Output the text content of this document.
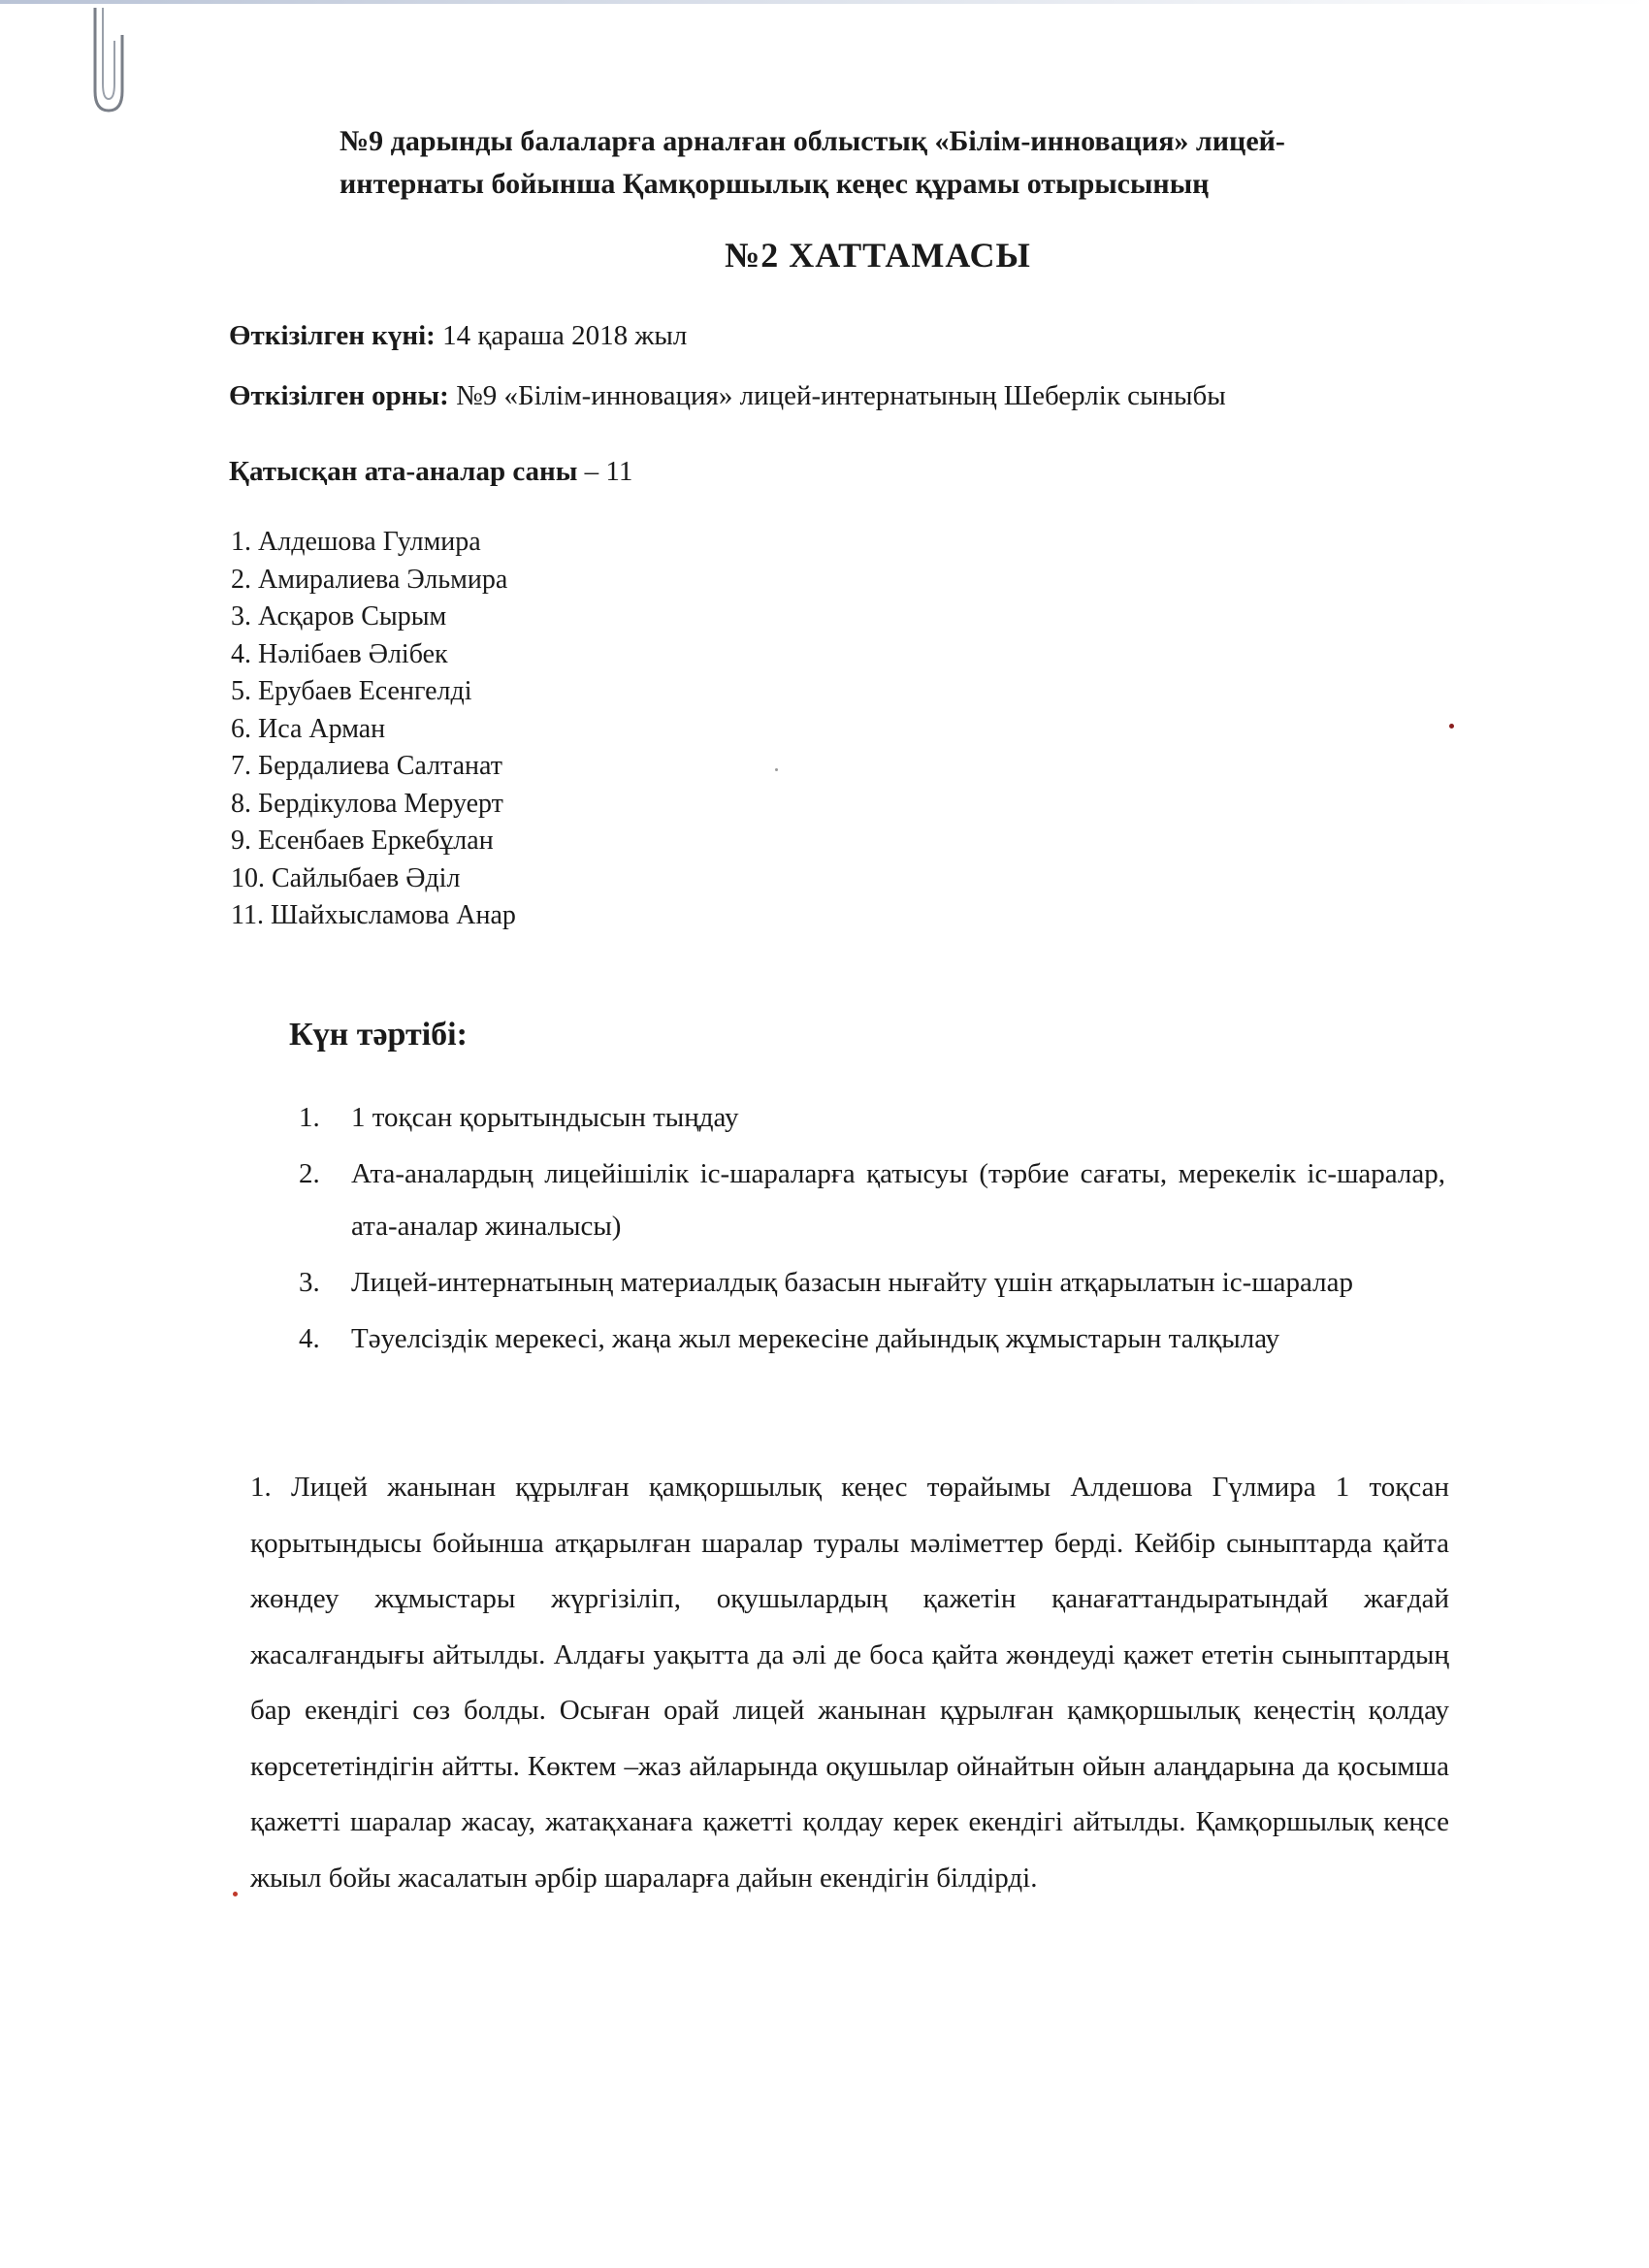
№9 дарынды балаларға арналған облыстық «Білім-инновация» лицей-
интернаты бойынша Қамқоршылық кеңес құрамы отырысының
№2 ХАТТАМАСЫ
Өткізілген күні: 14 қараша 2018 жыл
Өткізілген орны: №9 «Білім-инновация» лицей-интернатының Шеберлік сыныбы
Қатысқан ата-аналар саны – 11
1. Алдешова Гулмира
2. Амиралиева Эльмира
3. Асқаров Сырым
4. Нәлібаев Әлібек
5. Ерубаев Есенгелді
6. Иса Арман
7. Бердалиева Салтанат
8. Бердікулова Меруерт
9. Есенбаев Еркебұлан
10. Сайлыбаев Әділ
11. Шайхысламова Анар
Күн тәртібі:
1. 1 тоқсан қорытындысын тыңдау
2. Ата-аналардың лицейішілік іс-шараларға қатысуы (тәрбие сағаты, мерекелік іс-шаралар, ата-аналар жиналысы)
3. Лицей-интернатының материалдық базасын нығайту үшін атқарылатын іс-шаралар
4. Тәуелсіздік мерекесі, жаңа жыл мерекесіне дайындық жұмыстарын талқылау

1. Лицей жанынан құрылған қамқоршылық кеңес төрайымы Алдешова Гүлмира 1 тоқсан қорытындысы бойынша атқарылған шаралар туралы мәліметтер берді. Кейбір сыныптарда қайта жөндеу жұмыстары жүргізіліп, оқушылардың қажетін қанағаттандыратындай жағдай жасалғандығы айтылды. Алдағы уақытта да әлі де боса қайта жөндеуді қажет ететін сыныптардың бар екендігі сөз болды. Осыған орай лицей жанынан құрылған қамқоршылық кеңестің қолдау көрсететіндігін айтты. Көктем –жаз айларында оқушылар ойнайтын ойын алаңдарына да қосымша қажетті шаралар жасау, жатақханаға қажетті қолдау керек екендігі айтылды. Қамқоршылық кеңсе жыыл бойы жасалатын әрбір шараларға дайын екендігін білдірді.
